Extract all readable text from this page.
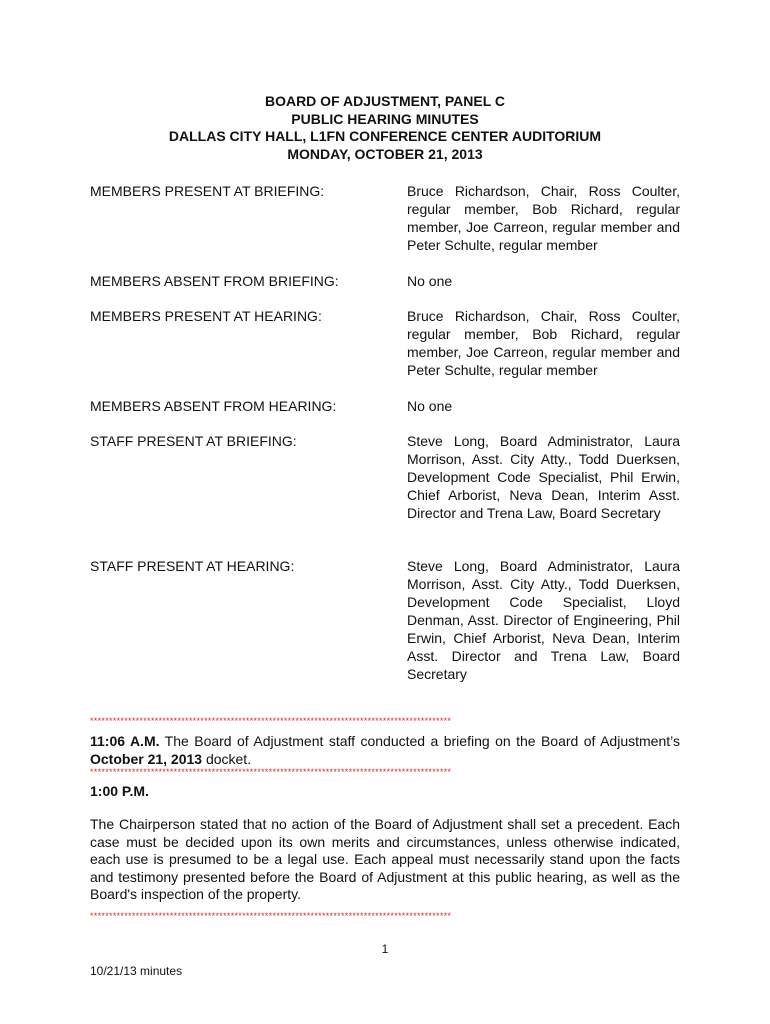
BOARD OF ADJUSTMENT, PANEL C
PUBLIC HEARING MINUTES
DALLAS CITY HALL, L1FN CONFERENCE CENTER AUDITORIUM
MONDAY, OCTOBER 21, 2013
MEMBERS PRESENT AT BRIEFING:	Bruce Richardson, Chair, Ross Coulter, regular member, Bob Richard, regular member, Joe Carreon, regular member and Peter Schulte, regular member
MEMBERS ABSENT FROM BRIEFING:	No one
MEMBERS PRESENT AT HEARING:	Bruce Richardson, Chair, Ross Coulter, regular member, Bob Richard, regular member, Joe Carreon, regular member and Peter Schulte, regular member
MEMBERS ABSENT FROM HEARING:	No one
STAFF PRESENT AT BRIEFING:	Steve Long, Board Administrator, Laura Morrison, Asst. City Atty., Todd Duerksen, Development Code Specialist, Phil Erwin, Chief Arborist, Neva Dean, Interim Asst. Director and Trena Law, Board Secretary
STAFF PRESENT AT HEARING:	Steve Long, Board Administrator, Laura Morrison, Asst. City Atty., Todd Duerksen, Development Code Specialist, Lloyd Denman, Asst. Director of Engineering, Phil Erwin, Chief Arborist, Neva Dean, Interim Asst. Director and Trena Law, Board Secretary
***********************************************************************************************
11:06 A.M. The Board of Adjustment staff conducted a briefing on the Board of Adjustment’s October 21, 2013 docket.
***********************************************************************************************
1:00 P.M.
The Chairperson stated that no action of the Board of Adjustment shall set a precedent. Each case must be decided upon its own merits and circumstances, unless otherwise indicated, each use is presumed to be a legal use. Each appeal must necessarily stand upon the facts and testimony presented before the Board of Adjustment at this public hearing, as well as the Board's inspection of the property.
***********************************************************************************************
1
10/21/13 minutes
